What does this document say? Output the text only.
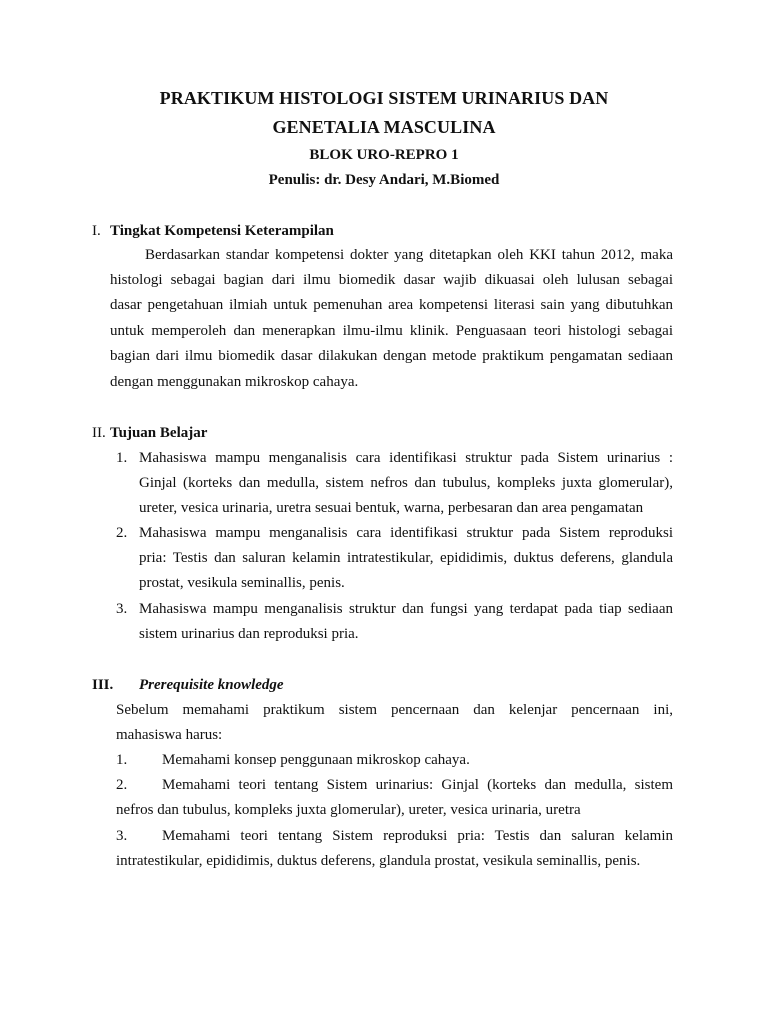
PRAKTIKUM HISTOLOGI SISTEM URINARIUS DAN
GENETALIA MASCULINA
BLOK URO-REPRO 1
Penulis: dr. Desy Andari, M.Biomed
I. Tingkat Kompetensi Keterampilan
Berdasarkan standar kompetensi dokter yang ditetapkan oleh KKI tahun 2012, maka
histologi sebagai bagian dari ilmu biomedik dasar wajib dikuasai oleh lulusan sebagai
dasar pengetahuan ilmiah untuk pemenuhan area kompetensi literasi sain yang dibutuhkan
untuk memperoleh dan menerapkan ilmu-ilmu klinik. Penguasaan teori histologi sebagai
bagian dari ilmu biomedik dasar dilakukan dengan metode praktikum pengamatan sediaan
dengan menggunakan mikroskop cahaya.
II. Tujuan Belajar
1. Mahasiswa mampu menganalisis cara identifikasi struktur pada Sistem urinarius :
Ginjal (korteks dan medulla, sistem nefros dan tubulus, kompleks juxta glomerular),
ureter, vesica urinaria, uretra sesuai bentuk, warna, perbesaran dan area pengamatan
2. Mahasiswa mampu menganalisis cara identifikasi struktur pada Sistem reproduksi
pria: Testis dan saluran kelamin intratestikular, epididimis, duktus deferens, glandula
prostat, vesikula seminallis, penis.
3. Mahasiswa mampu menganalisis struktur dan fungsi yang terdapat pada tiap sediaan
sistem urinarius dan reproduksi pria.
III. Prerequisite knowledge
Sebelum memahami praktikum sistem pencernaan dan kelenjar pencernaan ini,
mahasiswa harus:
1. Memahami konsep penggunaan mikroskop cahaya.
2. Memahami teori tentang Sistem urinarius: Ginjal (korteks dan medulla, sistem
nefros dan tubulus, kompleks juxta glomerular), ureter, vesica urinaria, uretra
3. Memahami teori tentang Sistem reproduksi pria: Testis dan saluran kelamin
intratestikular, epididimis, duktus deferens, glandula prostat, vesikula seminallis, penis.
